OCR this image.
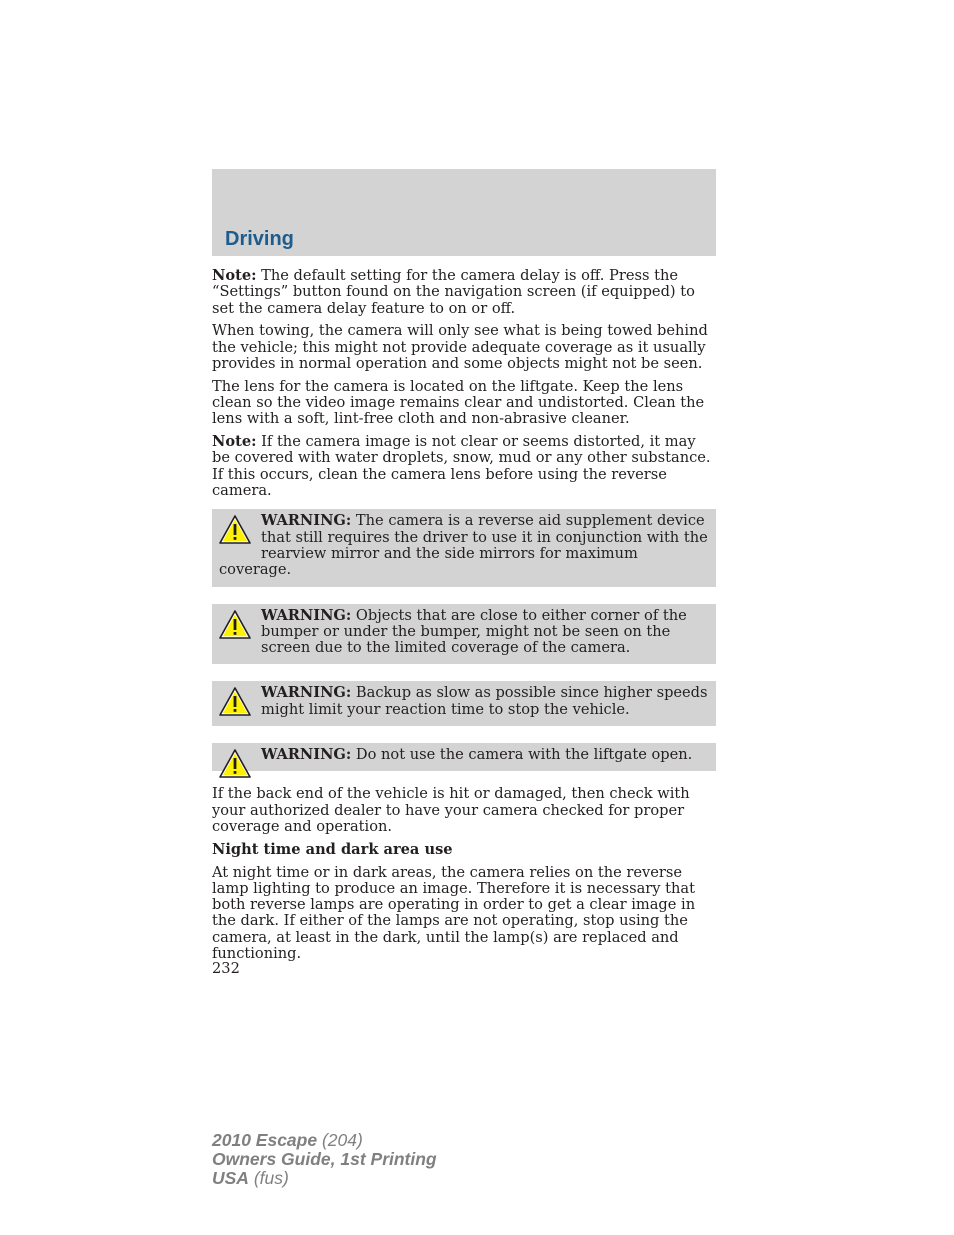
Driving

Note: The default setting for the camera delay is off. Press the “Settings” button found on the navigation screen (if equipped) to set the camera delay feature to on or off.

When towing, the camera will only see what is being towed behind the vehicle; this might not provide adequate coverage as it usually provides in normal operation and some objects might not be seen.

The lens for the camera is located on the liftgate. Keep the lens clean so the video image remains clear and undistorted. Clean the lens with a soft, lint-free cloth and non-abrasive cleaner.

Note: If the camera image is not clear or seems distorted, it may be covered with water droplets, snow, mud or any other substance. If this occurs, clean the camera lens before using the reverse camera.

WARNING: The camera is a reverse aid supplement device that still requires the driver to use it in conjunction with the rearview mirror and the side mirrors for maximum coverage.

WARNING: Objects that are close to either corner of the bumper or under the bumper, might not be seen on the screen due to the limited coverage of the camera.

WARNING: Backup as slow as possible since higher speeds might limit your reaction time to stop the vehicle.

WARNING: Do not use the camera with the liftgate open.

If the back end of the vehicle is hit or damaged, then check with your authorized dealer to have your camera checked for proper coverage and operation.

Night time and dark area use

At night time or in dark areas, the camera relies on the reverse lamp lighting to produce an image. Therefore it is necessary that both reverse lamps are operating in order to get a clear image in the dark. If either of the lamps are not operating, stop using the camera, at least in the dark, until the lamp(s) are replaced and functioning.

232
2010 Escape (204)
Owners Guide, 1st Printing
USA (fus)
